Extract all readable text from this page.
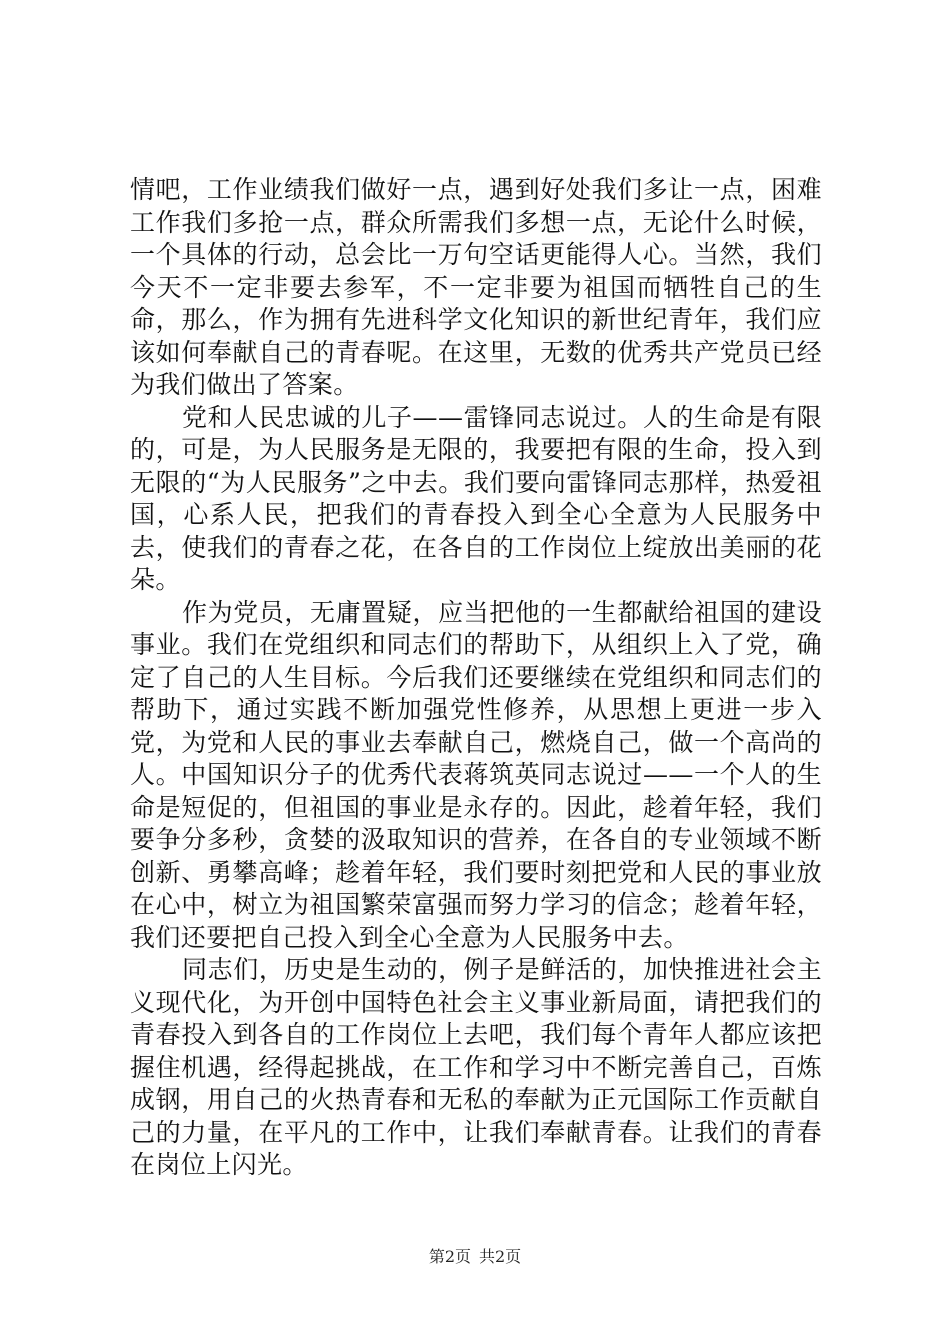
情吧，工作业绩我们做好一点，遇到好处我们多让一点，困难工作我们多抢一点，群众所需我们多想一点，无论什么时候，一个具体的行动，总会比一万句空话更能得人心。当然，我们今天不一定非要去参军，不一定非要为祖国而牺牲自己的生命，那么，作为拥有先进科学文化知识的新世纪青年，我们应该如何奉献自己的青春呢。在这里，无数的优秀共产党员已经为我们做出了答案。

党和人民忠诚的儿子——雷锋同志说过。人的生命是有限的，可是，为人民服务是无限的，我要把有限的生命，投入到无限的“为人民服务”之中去。我们要向雷锋同志那样，热爱祖国，心系人民，把我们的青春投入到全心全意为人民服务中去，使我们的青春之花，在各自的工作岗位上绽放出美丽的花朵。

作为党员，无庸置疑，应当把他的一生都献给祖国的建设事业。我们在党组织和同志们的帮助下，从组织上入了党，确定了自己的人生目标。今后我们还要继续在党组织和同志们的帮助下，通过实践不断加强党性修养，从思想上更进一步入党，为党和人民的事业去奉献自己，燃烧自己，做一个高尚的人。中国知识分子的优秀代表蒋筑英同志说过——一个人的生命是短促的，但祖国的事业是永存的。因此，趁着年轻，我们要争分多秒，贪婪的汲取知识的营养，在各自的专业领域不断创新、勇攀高峰；趁着年轻，我们要时刻把党和人民的事业放在心中，树立为祖国繁荣富强而努力学习的信念；趁着年轻，我们还要把自己投入到全心全意为人民服务中去。

同志们，历史是生动的，例子是鲜活的，加快推进社会主义现代化，为开创中国特色社会主义事业新局面，请把我们的青春投入到各自的工作岗位上去吧，我们每个青年人都应该把握住机遇，经得起挑战，在工作和学习中不断完善自己，百炼成钢，用自己的火热青春和无私的奉献为正元国际工作贡献自己的力量，在平凡的工作中，让我们奉献青春。让我们的青春在岗位上闪光。

第2页 共2页
